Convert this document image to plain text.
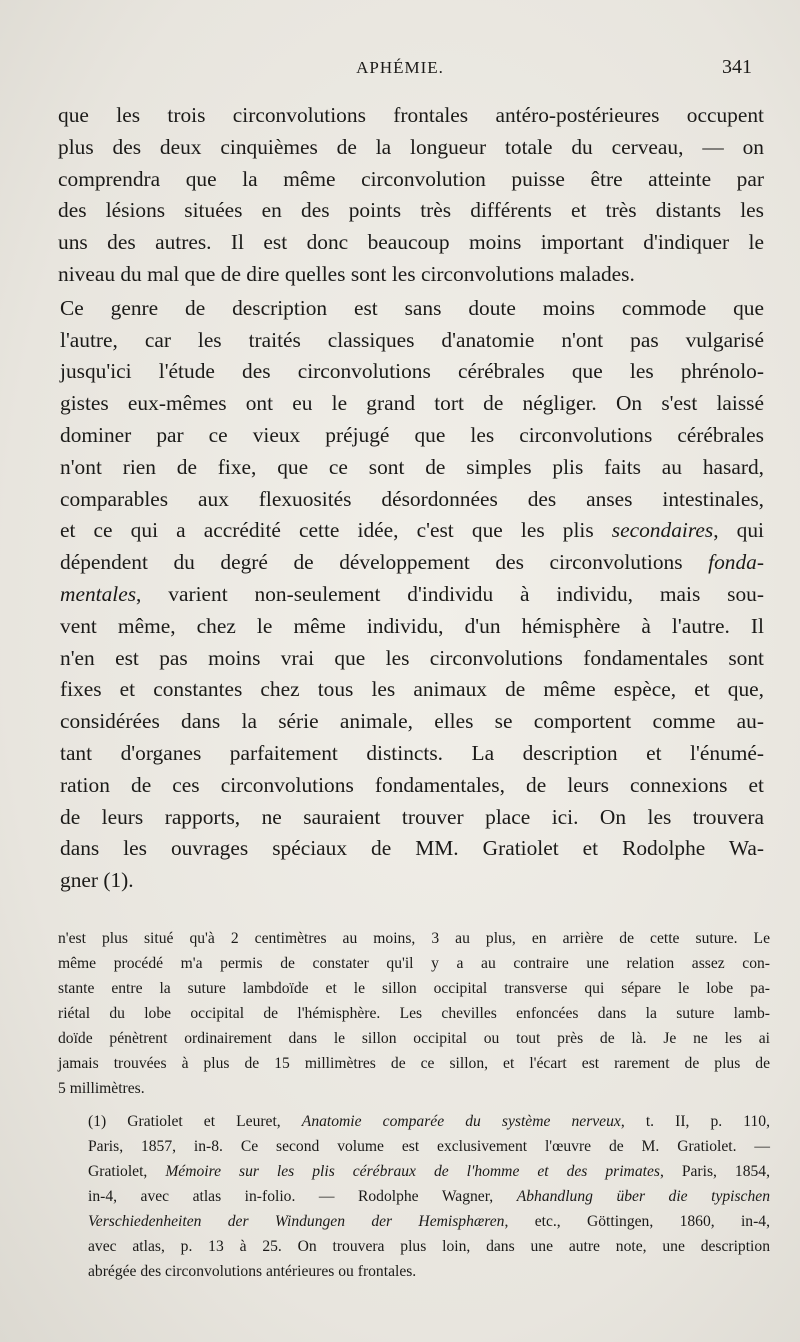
APHÉMIE.	341

que les trois circonvolutions frontales antéro-postérieures occupent
plus des deux cinquièmes de la longueur totale du cerveau, — on
comprendra que la même circonvolution puisse être atteinte par
des lésions situées en des points très différents et très distants les
uns des autres. Il est donc beaucoup moins important d'indiquer le
niveau du mal que de dire quelles sont les circonvolutions malades.

Ce genre de description est sans doute moins commode que
l'autre, car les traités classiques d'anatomie n'ont pas vulgarisé
jusqu'ici l'étude des circonvolutions cérébrales que les phrénolo-
gistes eux-mêmes ont eu le grand tort de négliger. On s'est laissé
dominer par ce vieux préjugé que les circonvolutions cérébrales
n'ont rien de fixe, que ce sont de simples plis faits au hasard,
comparables aux flexuosités désordonnées des anses intestinales,
et ce qui a accrédité cette idée, c'est que les plis secondaires, qui
dépendent du degré de développement des circonvolutions fonda-
mentales, varient non-seulement d'individu à individu, mais sou-
vent même, chez le même individu, d'un hémisphère à l'autre. Il
n'en est pas moins vrai que les circonvolutions fondamentales sont
fixes et constantes chez tous les animaux de même espèce, et que,
considérées dans la série animale, elles se comportent comme au-
tant d'organes parfaitement distincts. La description et l'énumé-
ration de ces circonvolutions fondamentales, de leurs connexions et
de leurs rapports, ne sauraient trouver place ici. On les trouvera
dans les ouvrages spéciaux de MM. Gratiolet et Rodolphe Wa-
gner (1).

n'est plus situé qu'à 2 centimètres au moins, 3 au plus, en arrière de cette suture. Le
même procédé m'a permis de constater qu'il y a au contraire une relation assez con-
stante entre la suture lambdoïde et le sillon occipital transverse qui sépare le lobe pa-
riétal du lobe occipital de l'hémisphère. Les chevilles enfoncées dans la suture lamb-
doïde pénètrent ordinairement dans le sillon occipital ou tout près de là. Je ne les ai
jamais trouvées à plus de 15 millimètres de ce sillon, et l'écart est rarement de plus de
5 millimètres.

(1) Gratiolet et Leuret, Anatomie comparée du système nerveux, t. II, p. 110,
Paris, 1857, in-8. Ce second volume est exclusivement l'œuvre de M. Gratiolet. —
Gratiolet, Mémoire sur les plis cérébraux de l'homme et des primates, Paris, 1854,
in-4, avec atlas in-folio. — Rodolphe Wagner, Abhandlung über die typischen
Verschiedenheiten der Windungen der Hemisphæren, etc., Göttingen, 1860, in-4,
avec atlas, p. 13 à 25. On trouvera plus loin, dans une autre note, une description
abrégée des circonvolutions antérieures ou frontales.
